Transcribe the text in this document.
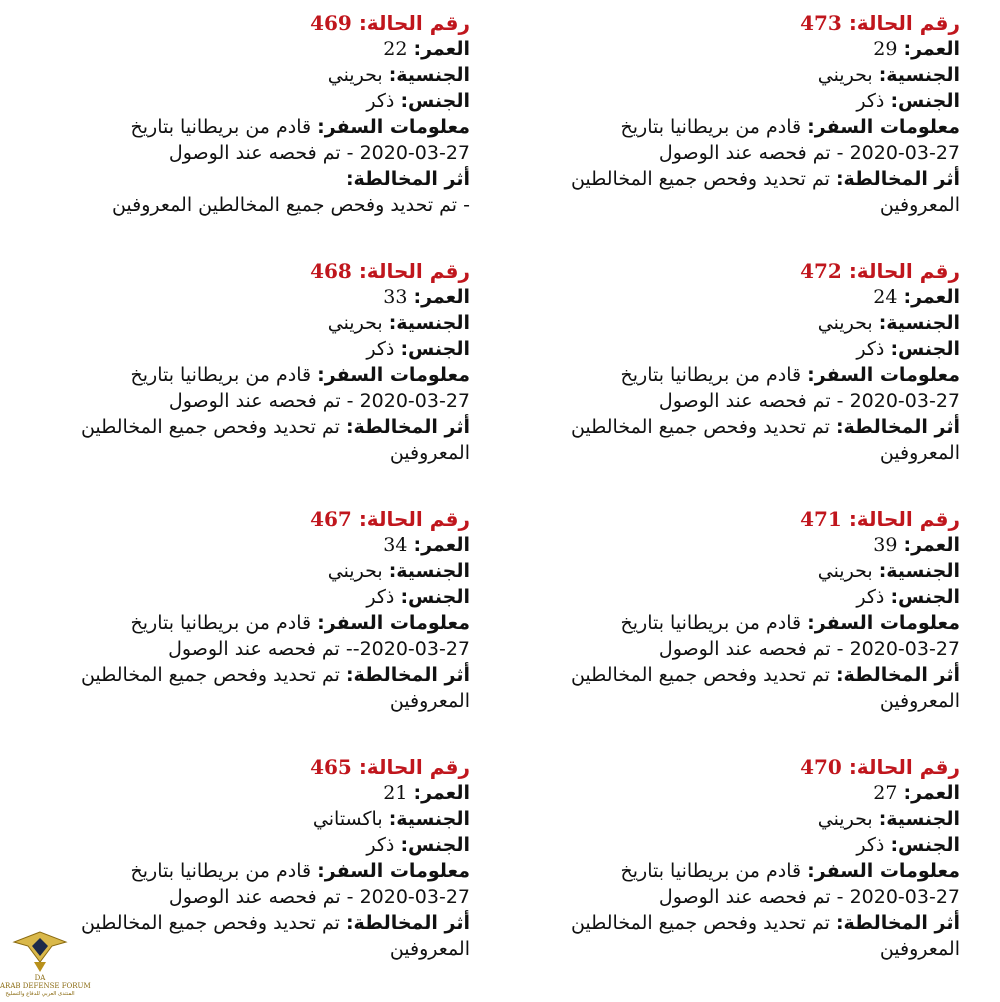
رقم الحالة: 473
العمر: 29
الجنسية: بحريني
الجنس: ذكر
معلومات السفر: قادم من بريطانيا بتاريخ
2020-03-27 - تم فحصه عند الوصول
أثر المخالطة: تم تحديد وفحص جميع المخالطين المعروفين
رقم الحالة: 472
العمر: 24
الجنسية: بحريني
الجنس: ذكر
معلومات السفر: قادم من بريطانيا بتاريخ
2020-03-27 - تم فحصه عند الوصول
أثر المخالطة: تم تحديد وفحص جميع المخالطين المعروفين
رقم الحالة: 471
العمر: 39
الجنسية: بحريني
الجنس: ذكر
معلومات السفر: قادم من بريطانيا بتاريخ
2020-03-27 - تم فحصه عند الوصول
أثر المخالطة: تم تحديد وفحص جميع المخالطين المعروفين
رقم الحالة: 470
العمر: 27
الجنسية: بحريني
الجنس: ذكر
معلومات السفر: قادم من بريطانيا بتاريخ
2020-03-27 - تم فحصه عند الوصول
أثر المخالطة: تم تحديد وفحص جميع المخالطين المعروفين
رقم الحالة: 469
العمر: 22
الجنسية: بحريني
الجنس: ذكر
معلومات السفر: قادم من بريطانيا بتاريخ
2020-03-27 - تم فحصه عند الوصول
أثر المخالطة:
- تم تحديد وفحص جميع المخالطين المعروفين
رقم الحالة: 468
العمر: 33
الجنسية: بحريني
الجنس: ذكر
معلومات السفر: قادم من بريطانيا بتاريخ
2020-03-27 - تم فحصه عند الوصول
أثر المخالطة: تم تحديد وفحص جميع المخالطين المعروفين
رقم الحالة: 467
العمر: 34
الجنسية: بحريني
الجنس: ذكر
معلومات السفر: قادم من بريطانيا بتاريخ
2020-03-27-- تم فحصه عند الوصول
أثر المخالطة: تم تحديد وفحص جميع المخالطين المعروفين
رقم الحالة: 465
العمر: 21
الجنسية: باكستاني
الجنس: ذكر
معلومات السفر: قادم من بريطانيا بتاريخ
2020-03-27 - تم فحصه عند الوصول
أثر المخالطة: تم تحديد وفحص جميع المخالطين المعروفين
DA
ARAB DEFENSE FORUM
المنتدى العربي للدفاع والتسليح
